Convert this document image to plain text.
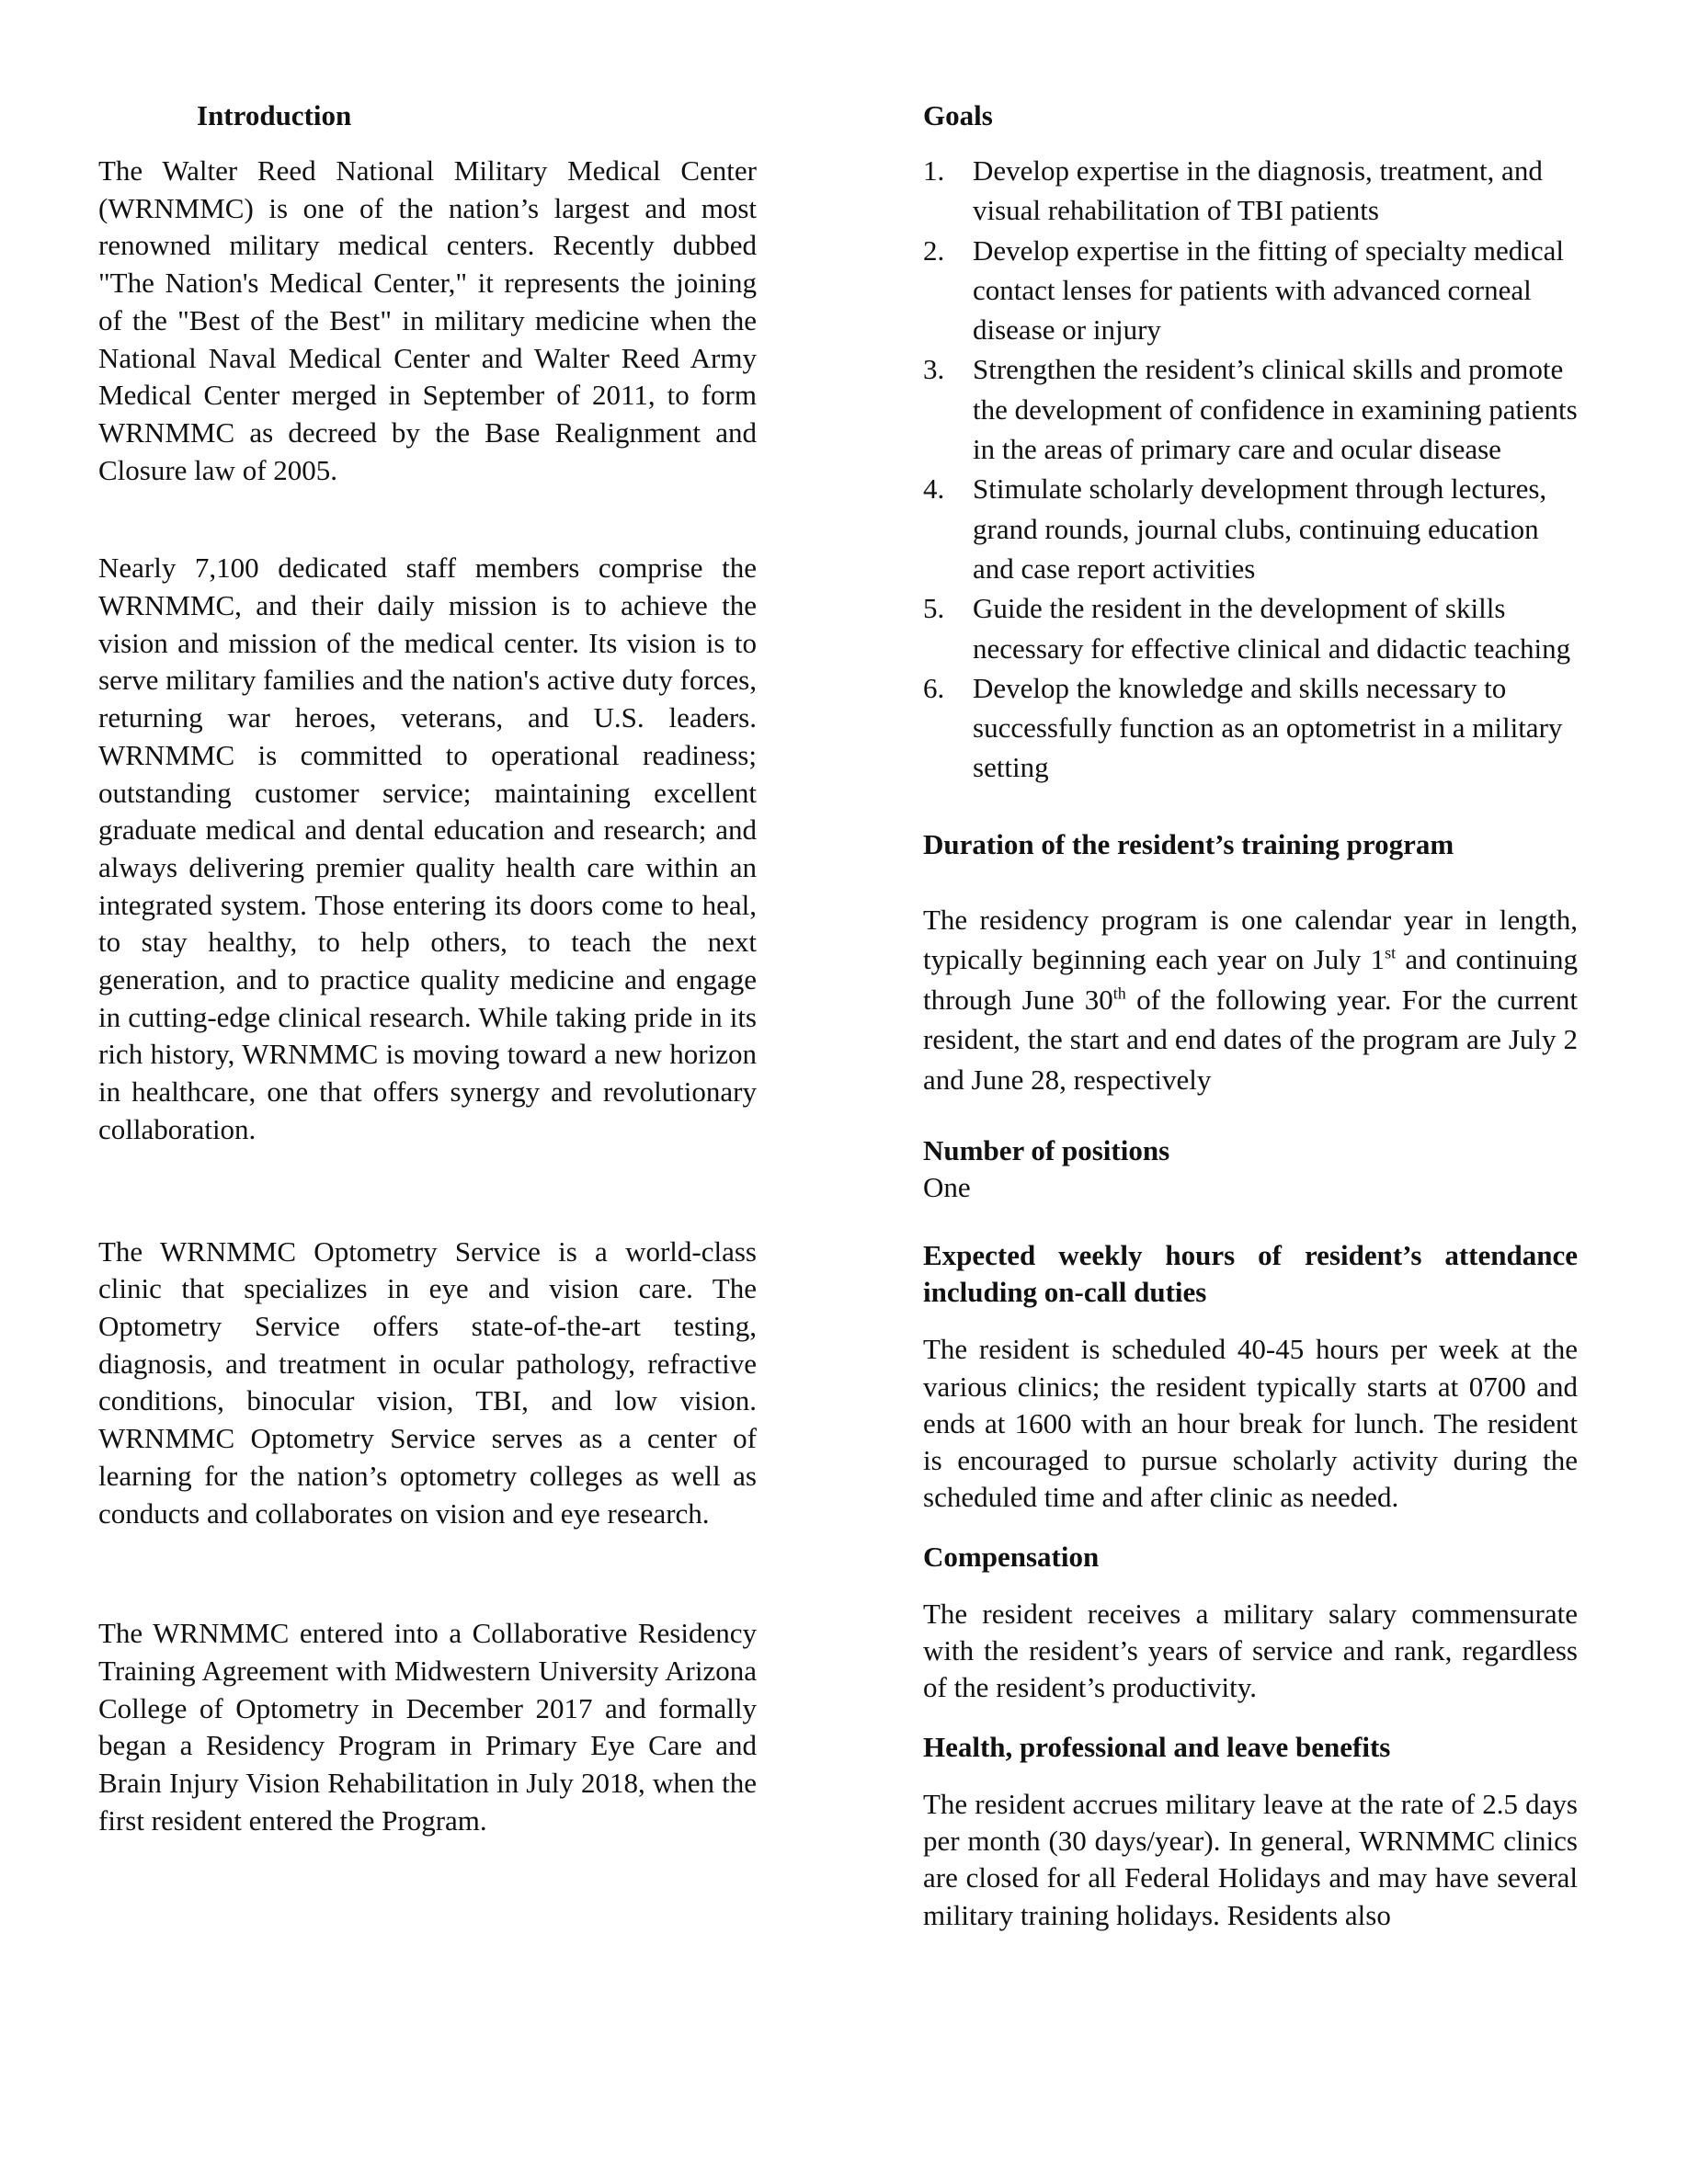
Introduction

The Walter Reed National Military Medical Center (WRNMMC) is one of the nation’s largest and most renowned military medical centers. Recently dubbed "The Nation's Medical Center," it represents the joining of the "Best of the Best" in military medicine when the National Naval Medical Center and Walter Reed Army Medical Center merged in September of 2011, to form WRNMMC as decreed by the Base Realignment and Closure law of 2005.

Nearly 7,100 dedicated staff members comprise the WRNMMC, and their daily mission is to achieve the vision and mission of the medical center. Its vision is to serve military families and the nation's active duty forces, returning war heroes, veterans, and U.S. leaders. WRNMMC is committed to operational readiness; outstanding customer service; maintaining excellent graduate medical and dental education and research; and always delivering premier quality health care within an integrated system. Those entering its doors come to heal, to stay healthy, to help others, to teach the next generation, and to practice quality medicine and engage in cutting-edge clinical research. While taking pride in its rich history, WRNMMC is moving toward a new horizon in healthcare, one that offers synergy and revolutionary collaboration.

The WRNMMC Optometry Service is a world-class clinic that specializes in eye and vision care. The Optometry Service offers state-of-the-art testing, diagnosis, and treatment in ocular pathology, refractive conditions, binocular vision, TBI, and low vision. WRNMMC Optometry Service serves as a center of learning for the nation’s optometry colleges as well as conducts and collaborates on vision and eye research.

The WRNMMC entered into a Collaborative Residency Training Agreement with Midwestern University Arizona College of Optometry in December 2017 and formally began a Residency Program in Primary Eye Care and Brain Injury Vision Rehabilitation in July 2018, when the first resident entered the Program.

Goals
1. Develop expertise in the diagnosis, treatment, and visual rehabilitation of TBI patients
2. Develop expertise in the fitting of specialty medical contact lenses for patients with advanced corneal disease or injury
3. Strengthen the resident’s clinical skills and promote the development of confidence in examining patients in the areas of primary care and ocular disease
4. Stimulate scholarly development through lectures, grand rounds, journal clubs, continuing education and case report activities
5. Guide the resident in the development of skills necessary for effective clinical and didactic teaching
6. Develop the knowledge and skills necessary to successfully function as an optometrist in a military setting
Duration of the resident’s training program

The residency program is one calendar year in length, typically beginning each year on July 1st and continuing through June 30th of the following year. For the current resident, the start and end dates of the program are July 2 and June 28, respectively

Number of positions

One

Expected weekly hours of resident’s attendance including on-call duties

The resident is scheduled 40-45 hours per week at the various clinics; the resident typically starts at 0700 and ends at 1600 with an hour break for lunch. The resident is encouraged to pursue scholarly activity during the scheduled time and after clinic as needed.

Compensation

The resident receives a military salary commensurate with the resident’s years of service and rank, regardless of the resident’s productivity.

Health, professional and leave benefits

The resident accrues military leave at the rate of 2.5 days per month (30 days/year). In general, WRNMMC clinics are closed for all Federal Holidays and may have several military training holidays. Residents also
